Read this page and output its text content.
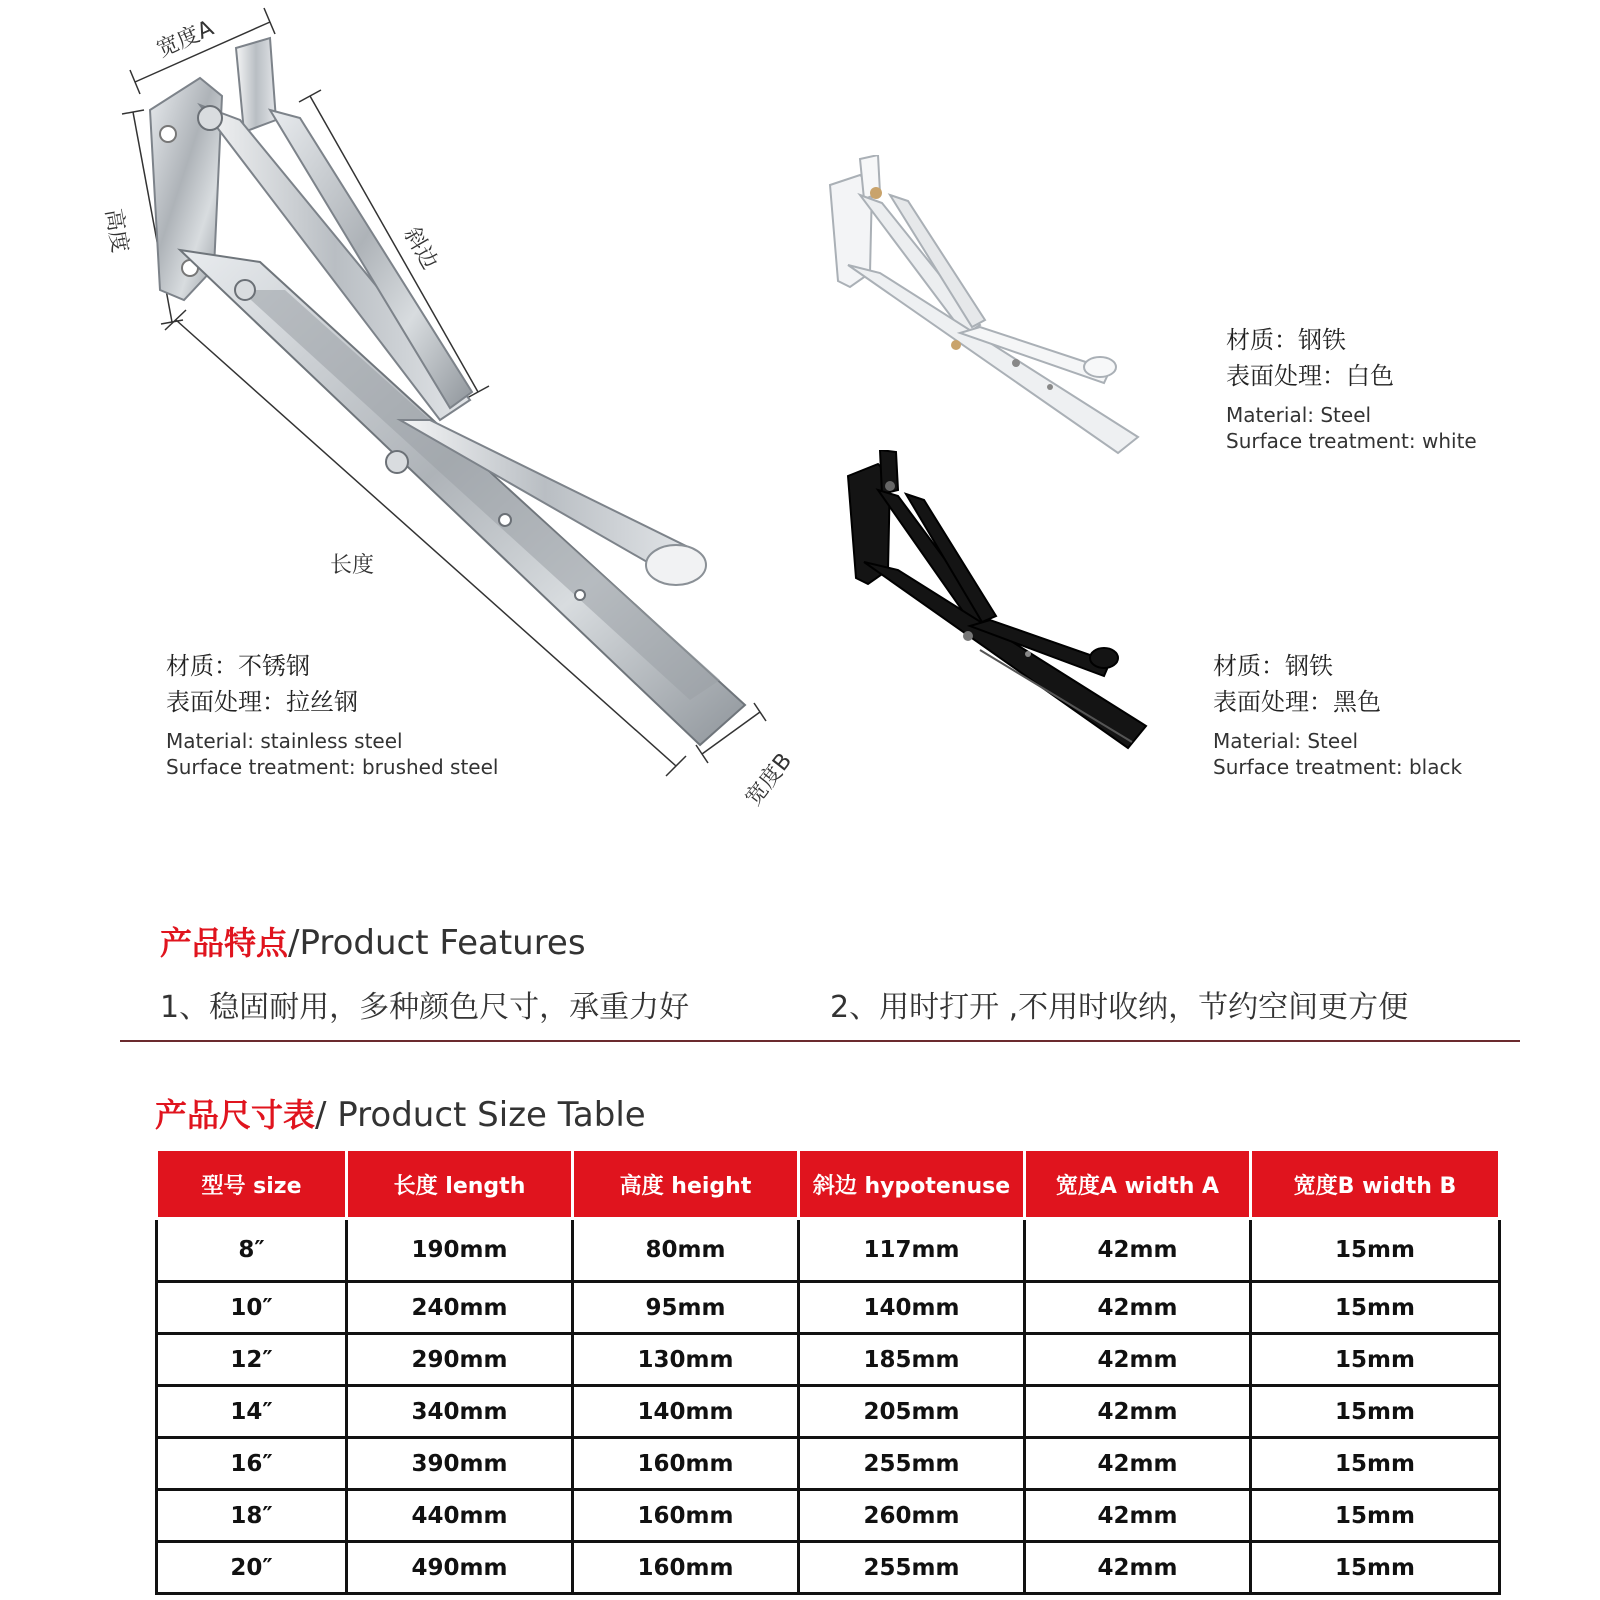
宽度A
高度	斜边
长度
宽度B
材质：不锈钢
表面处理：拉丝钢
Material: stainless steel
Surface treatment: brushed steel
材质：钢铁
表面处理：白色
Material: Steel
Surface treatment: white
材质：钢铁
表面处理：黑色
Material: Steel
Surface treatment: black
产品特点/Product Features
1、稳固耐用，多种颜色尺寸，承重力好	2、用时打开 ,不用时收纳，节约空间更方便
产品尺寸表/ Product Size Table
型号 size	长度 length	高度 height	斜边 hypotenuse	宽度A width A	宽度B width B
8″	190mm	80mm	117mm	42mm	15mm
10″	240mm	95mm	140mm	42mm	15mm
12″	290mm	130mm	185mm	42mm	15mm
14″	340mm	140mm	205mm	42mm	15mm
16″	390mm	160mm	255mm	42mm	15mm
18″	440mm	160mm	260mm	42mm	15mm
20″	490mm	160mm	255mm	42mm	15mm
